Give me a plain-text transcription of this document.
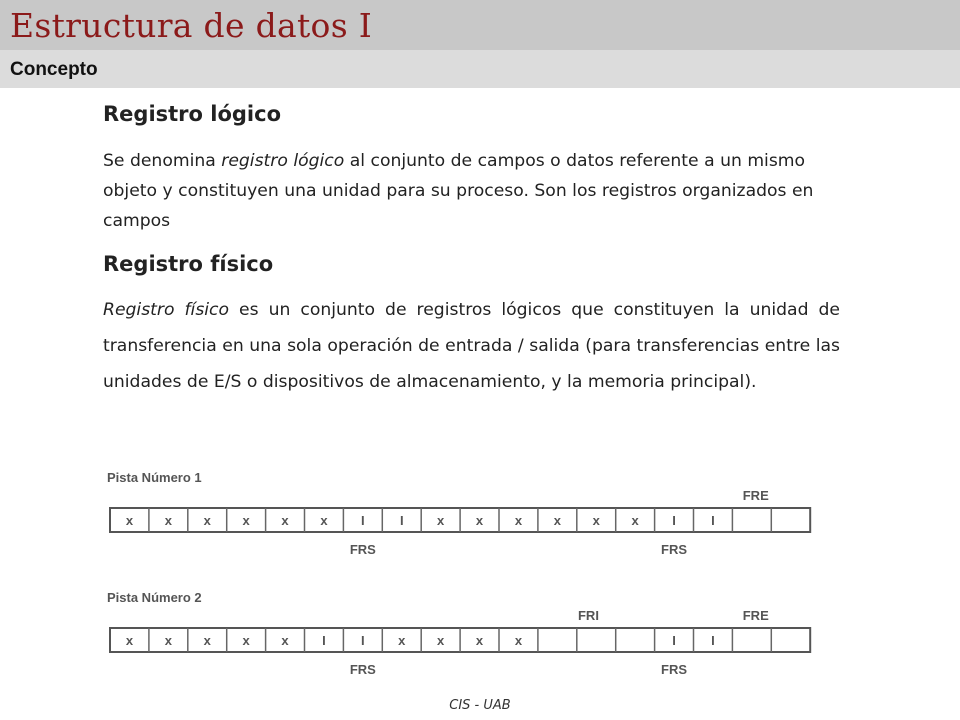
Estructura de datos I
Concepto
Registro lógico

Se denomina registro lógico al conjunto de campos o datos referente a un mismo objeto y constituyen una unidad para su proceso. Son los registros organizados en campos

Registro físico

Registro físico es un conjunto de registros lógicos que constituyen la unidad de transferencia en una sola operación de entrada / salida (para transferencias entre las unidades de E/S o dispositivos de almacenamiento, y la memoria principal).

Pista Número 1
x x x x x x	I	I	x x x x x x	I	I
FRS	FRS
FRE
Pista Número 2
x x x x x	I	I	x x x x	I	I
FRI	FRE
FRS	FRS
CIS - UAB
